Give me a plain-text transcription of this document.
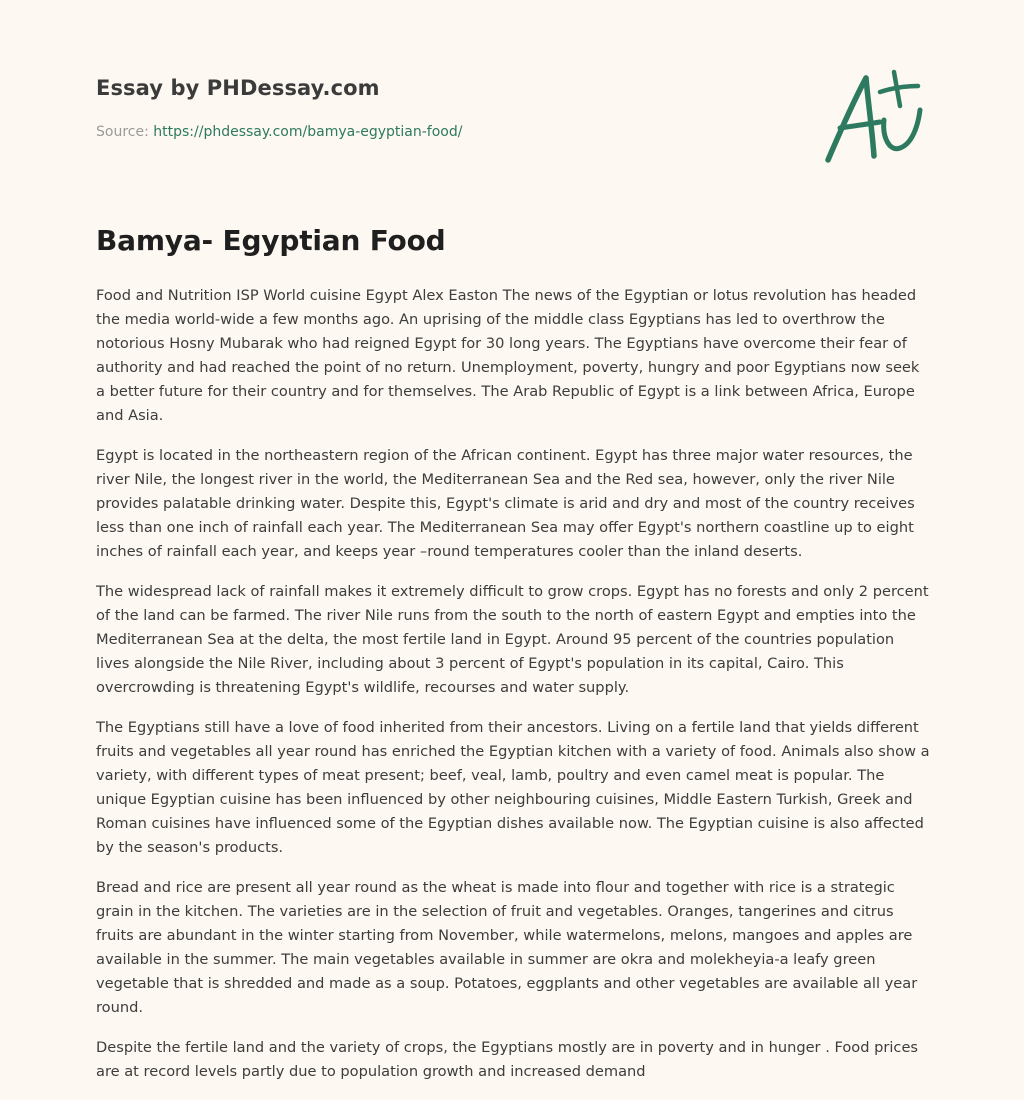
Essay by PHDessay.com
Source: https://phdessay.com/bamya-egyptian-food/
Bamya- Egyptian Food

Food and Nutrition ISP World cuisine Egypt Alex Easton The news of the Egyptian or lotus revolution has headed the media world-wide a few months ago. An uprising of the middle class Egyptians has led to overthrow the notorious Hosny Mubarak who had reigned Egypt for 30 long years. The Egyptians have overcome their fear of authority and had reached the point of no return. Unemployment, poverty, hungry and poor Egyptians now seek a better future for their country and for themselves. The Arab Republic of Egypt is a link between Africa, Europe and Asia.

Egypt is located in the northeastern region of the African continent. Egypt has three major water resources, the river Nile, the longest river in the world, the Mediterranean Sea and the Red sea, however, only the river Nile provides palatable drinking water. Despite this, Egypt's climate is arid and dry and most of the country receives less than one inch of rainfall each year. The Mediterranean Sea may offer Egypt's northern coastline up to eight inches of rainfall each year, and keeps year –round temperatures cooler than the inland deserts.

The widespread lack of rainfall makes it extremely difficult to grow crops. Egypt has no forests and only 2 percent of the land can be farmed. The river Nile runs from the south to the north of eastern Egypt and empties into the Mediterranean Sea at the delta, the most fertile land in Egypt. Around 95 percent of the countries population lives alongside the Nile River, including about 3 percent of Egypt's population in its capital, Cairo. This overcrowding is threatening Egypt's wildlife, recourses and water supply.

The Egyptians still have a love of food inherited from their ancestors. Living on a fertile land that yields different fruits and vegetables all year round has enriched the Egyptian kitchen with a variety of food. Animals also show a variety, with different types of meat present; beef, veal, lamb, poultry and even camel meat is popular. The unique Egyptian cuisine has been influenced by other neighbouring cuisines, Middle Eastern Turkish, Greek and Roman cuisines have influenced some of the Egyptian dishes available now. The Egyptian cuisine is also affected by the season's products.

Bread and rice are present all year round as the wheat is made into flour and together with rice is a strategic grain in the kitchen. The varieties are in the selection of fruit and vegetables. Oranges, tangerines and citrus fruits are abundant in the winter starting from November, while watermelons, melons, mangoes and apples are available in the summer. The main vegetables available in summer are okra and molekheyia-a leafy green vegetable that is shredded and made as a soup. Potatoes, eggplants and other vegetables are available all year round.

Despite the fertile land and the variety of crops, the Egyptians mostly are in poverty and in hunger . Food prices are at record levels partly due to population growth and increased demand
